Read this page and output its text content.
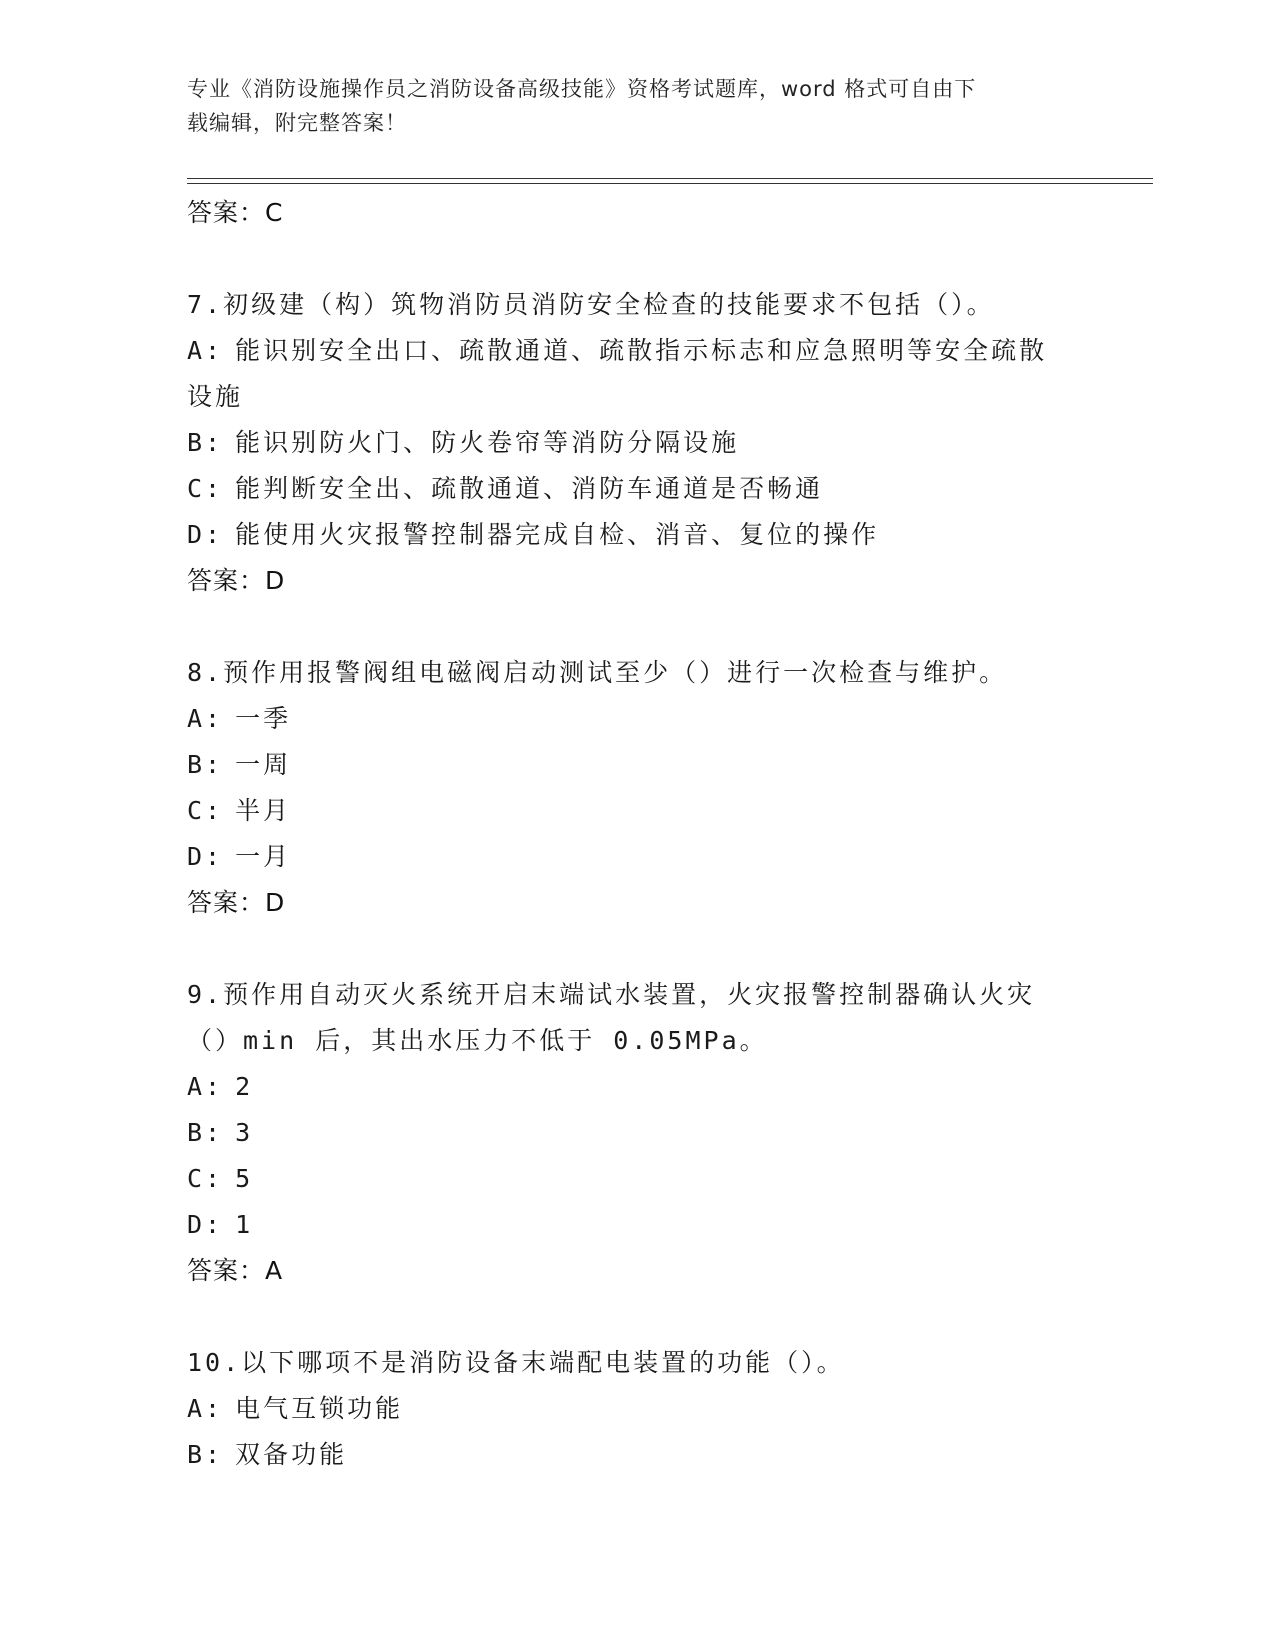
专业《消防设施操作员之消防设备高级技能》资格考试题库，word 格式可自由下
载编辑，附完整答案！
答案：C
7.初级建（构）筑物消防员消防安全检查的技能要求不包括（）。
A: 能识别安全出口、疏散通道、疏散指示标志和应急照明等安全疏散
设施
B: 能识别防火门、防火卷帘等消防分隔设施
C: 能判断安全出、疏散通道、消防车通道是否畅通
D: 能使用火灾报警控制器完成自检、消音、复位的操作
答案：D
8.预作用报警阀组电磁阀启动测试至少（）进行一次检查与维护。
A: 一季
B: 一周
C: 半月
D: 一月
答案：D
9.预作用自动灭火系统开启末端试水装置，火灾报警控制器确认火灾
（）min 后，其出水压力不低于 0.05MPa。
A: 2
B: 3
C: 5
D: 1
答案：A
10.以下哪项不是消防设备末端配电装置的功能（）。
A: 电气互锁功能
B: 双备功能
